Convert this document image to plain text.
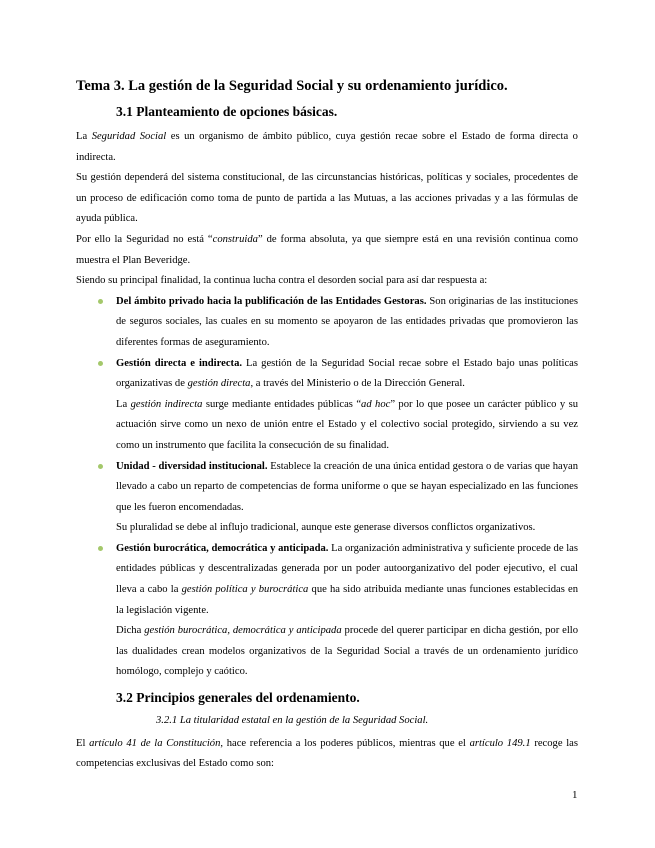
Tema 3. La gestión de la Seguridad Social y su ordenamiento jurídico.
3.1 Planteamiento de opciones básicas.

La Seguridad Social es un organismo de ámbito público, cuya gestión recae sobre el Estado de forma directa o indirecta.

Su gestión dependerá del sistema constitucional, de las circunstancias históricas, políticas y sociales, procedentes de un proceso de edificación como toma de punto de partida a las Mutuas, a las acciones privadas y a las fórmulas de ayuda pública.

Por ello la Seguridad no está “construida” de forma absoluta, ya que siempre está en una revisión continua como muestra el Plan Beveridge.

Siendo su principal finalidad, la continua lucha contra el desorden social para así dar respuesta a:

Del ámbito privado hacia la publificación de las Entidades Gestoras. Son originarias de las instituciones de seguros sociales, las cuales en su momento se apoyaron de las entidades privadas que promovieron las diferentes formas de aseguramiento.

Gestión directa e indirecta. La gestión de la Seguridad Social recae sobre el Estado bajo unas políticas organizativas de gestión directa, a través del Ministerio o de la Dirección General.

La gestión indirecta surge mediante entidades públicas “ad hoc” por lo que posee un carácter público y su actuación sirve como un nexo de unión entre el Estado y el colectivo social protegido, sirviendo a su vez como un instrumento que facilita la consecución de su finalidad.

Unidad - diversidad institucional. Establece la creación de una única entidad gestora o de varias que hayan llevado a cabo un reparto de competencias de forma uniforme o que se hayan especializado en las funciones que les fueron encomendadas.

Su pluralidad se debe al influjo tradicional, aunque este generase diversos conflictos organizativos.

Gestión burocrática, democrática y anticipada. La organización administrativa y suficiente procede de las entidades públicas y descentralizadas generada por un poder autoorganizativo del poder ejecutivo, el cual lleva a cabo la gestión política y burocrática que ha sido atribuida mediante unas funciones establecidas en la legislación vigente.

Dicha gestión burocrática, democrática y anticipada procede del querer participar en dicha gestión, por ello las dualidades crean modelos organizativos de la Seguridad Social a través de un ordenamiento jurídico homólogo, complejo y caótico.

3.2 Principios generales del ordenamiento.

3.2.1 La titularidad estatal en la gestión de la Seguridad Social.

El artículo 41 de la Constitución, hace referencia a los poderes públicos, mientras que el artículo 149.1 recoge las competencias exclusivas del Estado como son:

1
